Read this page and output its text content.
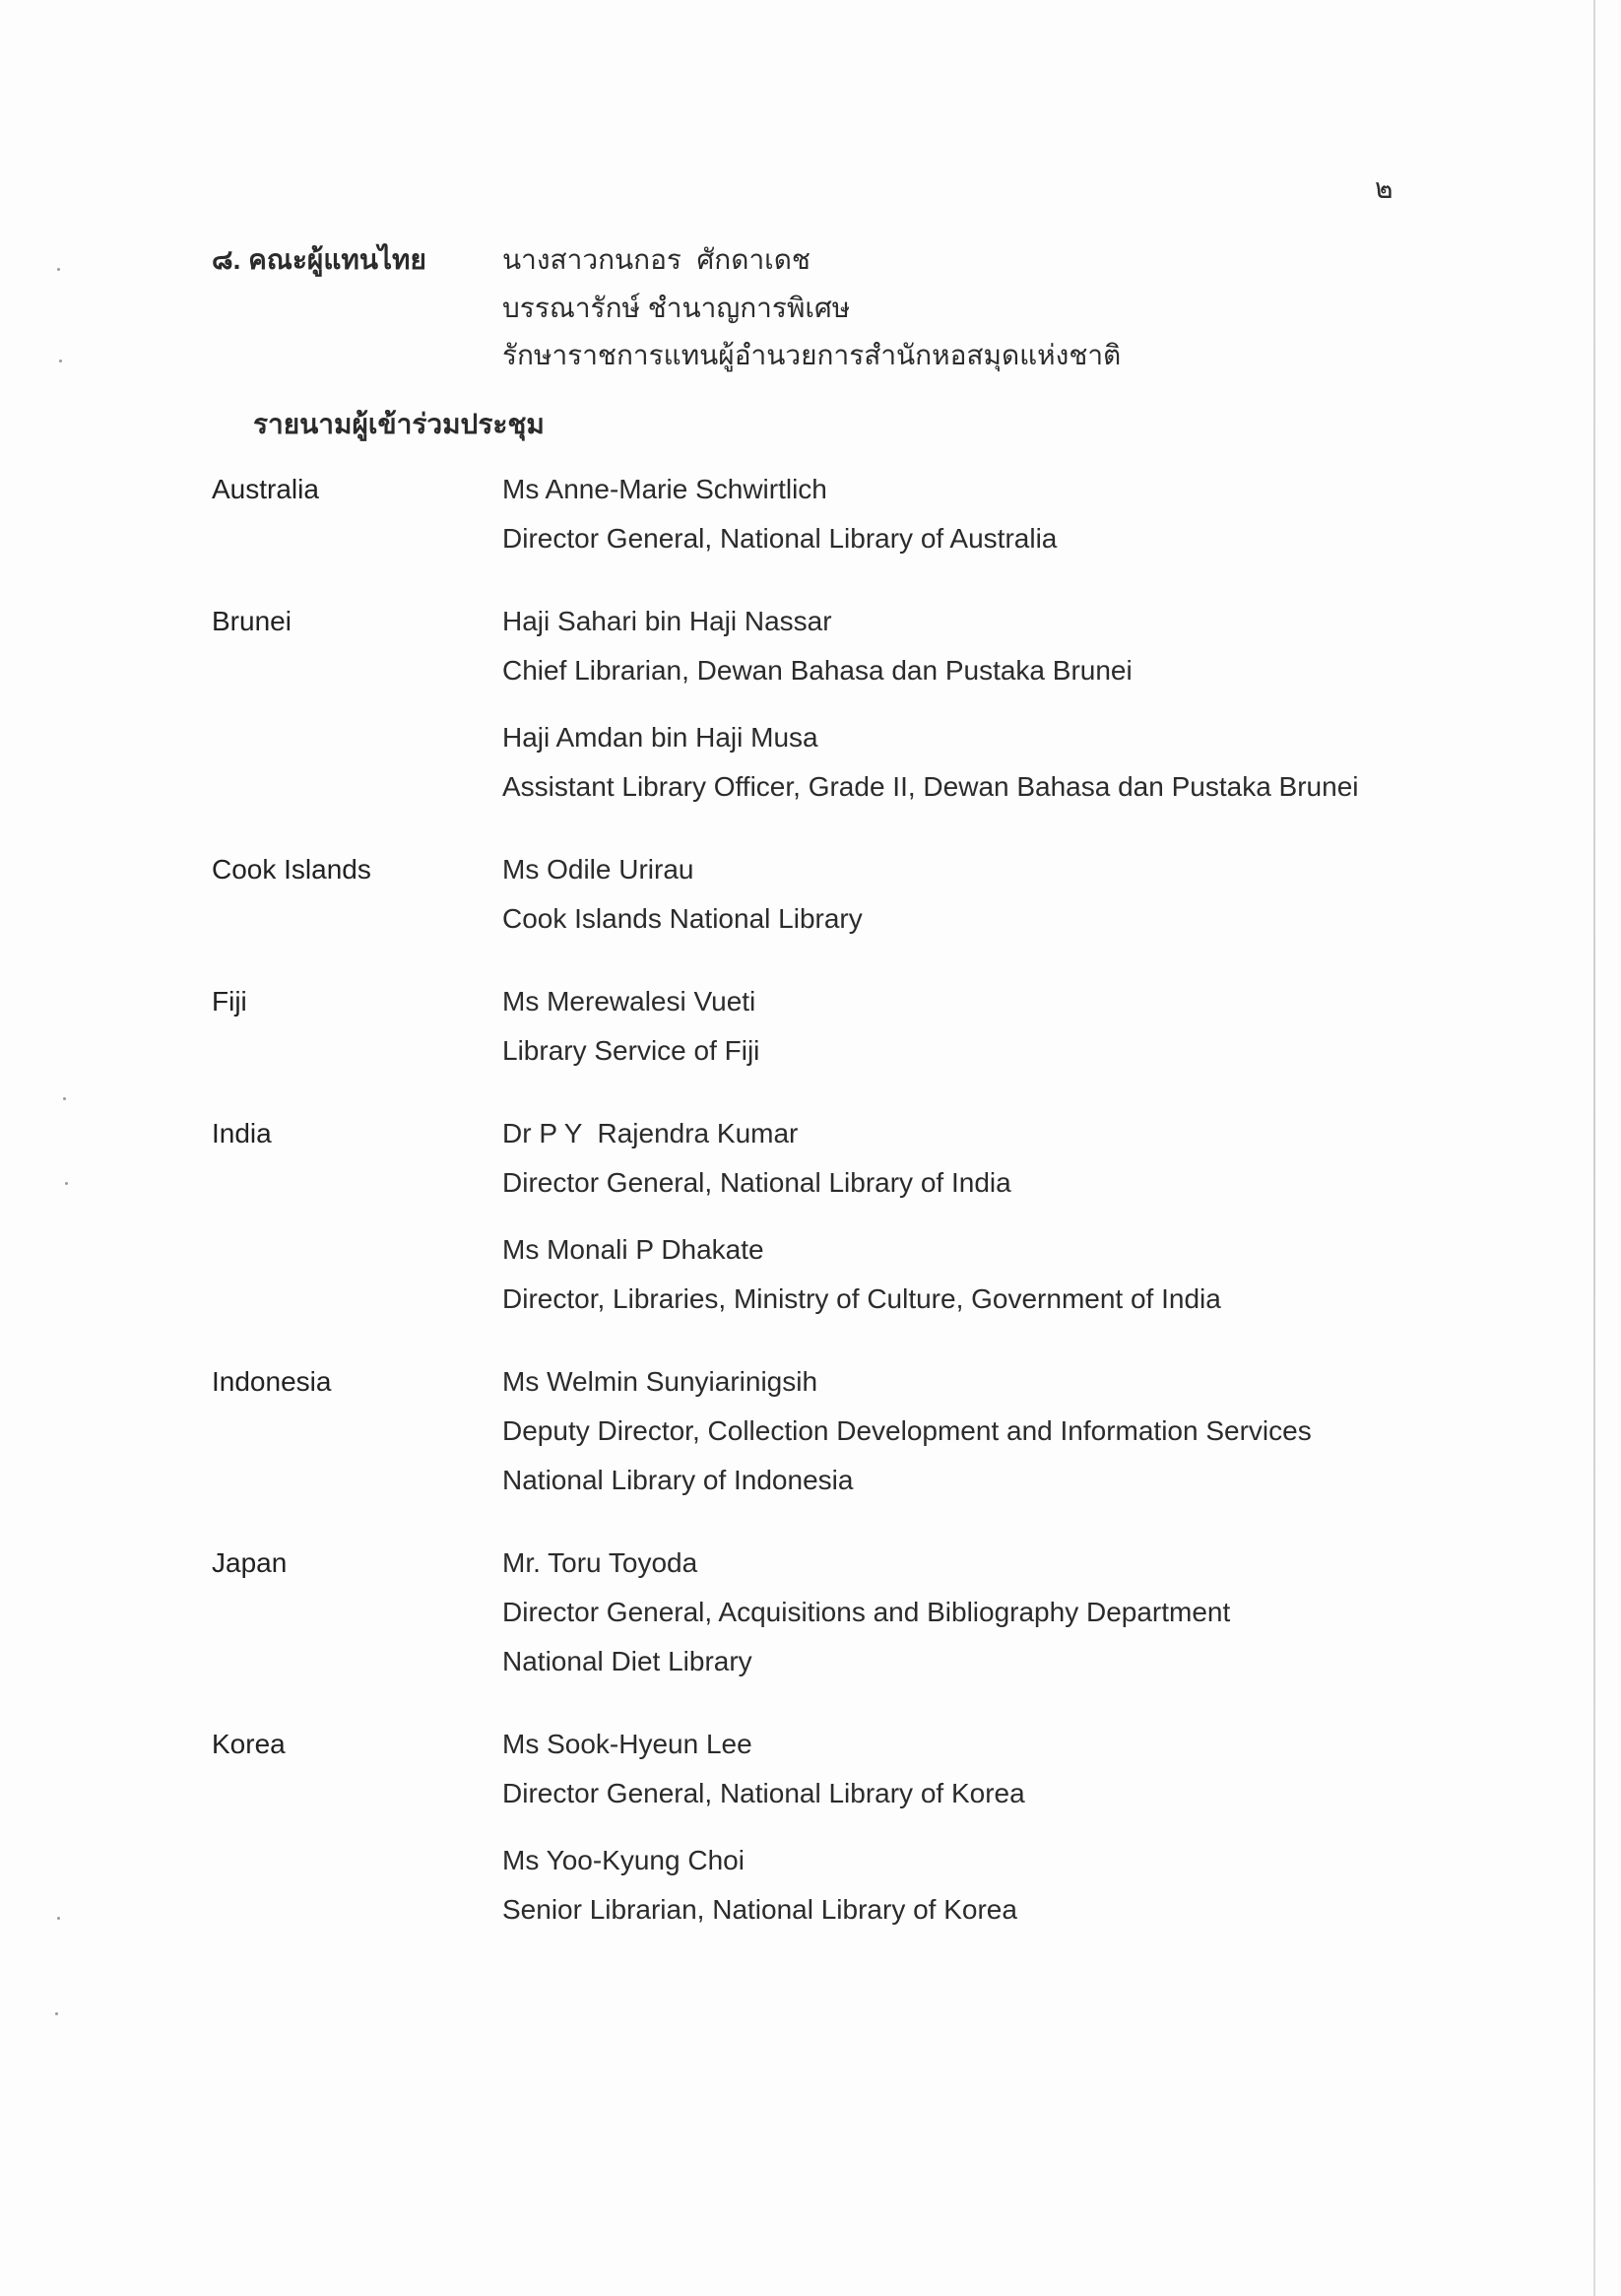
๒
๘. คณะผู้แทนไทย	นางสาวกนกอร  ศักดาเดช
บรรณารักษ์ ชำนาญการพิเศษ
รักษาราชการแทนผู้อำนวยการสำนักหอสมุดแห่งชาติ
รายนามผู้เข้าร่วมประชุม
Australia	Ms Anne-Marie Schwirtlich
Director General, National Library of Australia
Brunei	Haji Sahari bin Haji Nassar
Chief Librarian, Dewan Bahasa dan Pustaka Brunei
Haji Amdan bin Haji Musa
Assistant Library Officer, Grade II, Dewan Bahasa dan Pustaka Brunei
Cook Islands	Ms Odile Urirau
Cook Islands National Library
Fiji	Ms Merewalesi Vueti
Library Service of Fiji
India	Dr P Y  Rajendra Kumar
Director General, National Library of India
Ms Monali P Dhakate
Director, Libraries, Ministry of Culture, Government of India
Indonesia	Ms Welmin Sunyiarinigsih
Deputy Director, Collection Development and Information Services
National Library of Indonesia
Japan	Mr. Toru Toyoda
Director General, Acquisitions and Bibliography Department
National Diet Library
Korea	Ms Sook-Hyeun Lee
Director General, National Library of Korea
Ms Yoo-Kyung Choi
Senior Librarian, National Library of Korea
